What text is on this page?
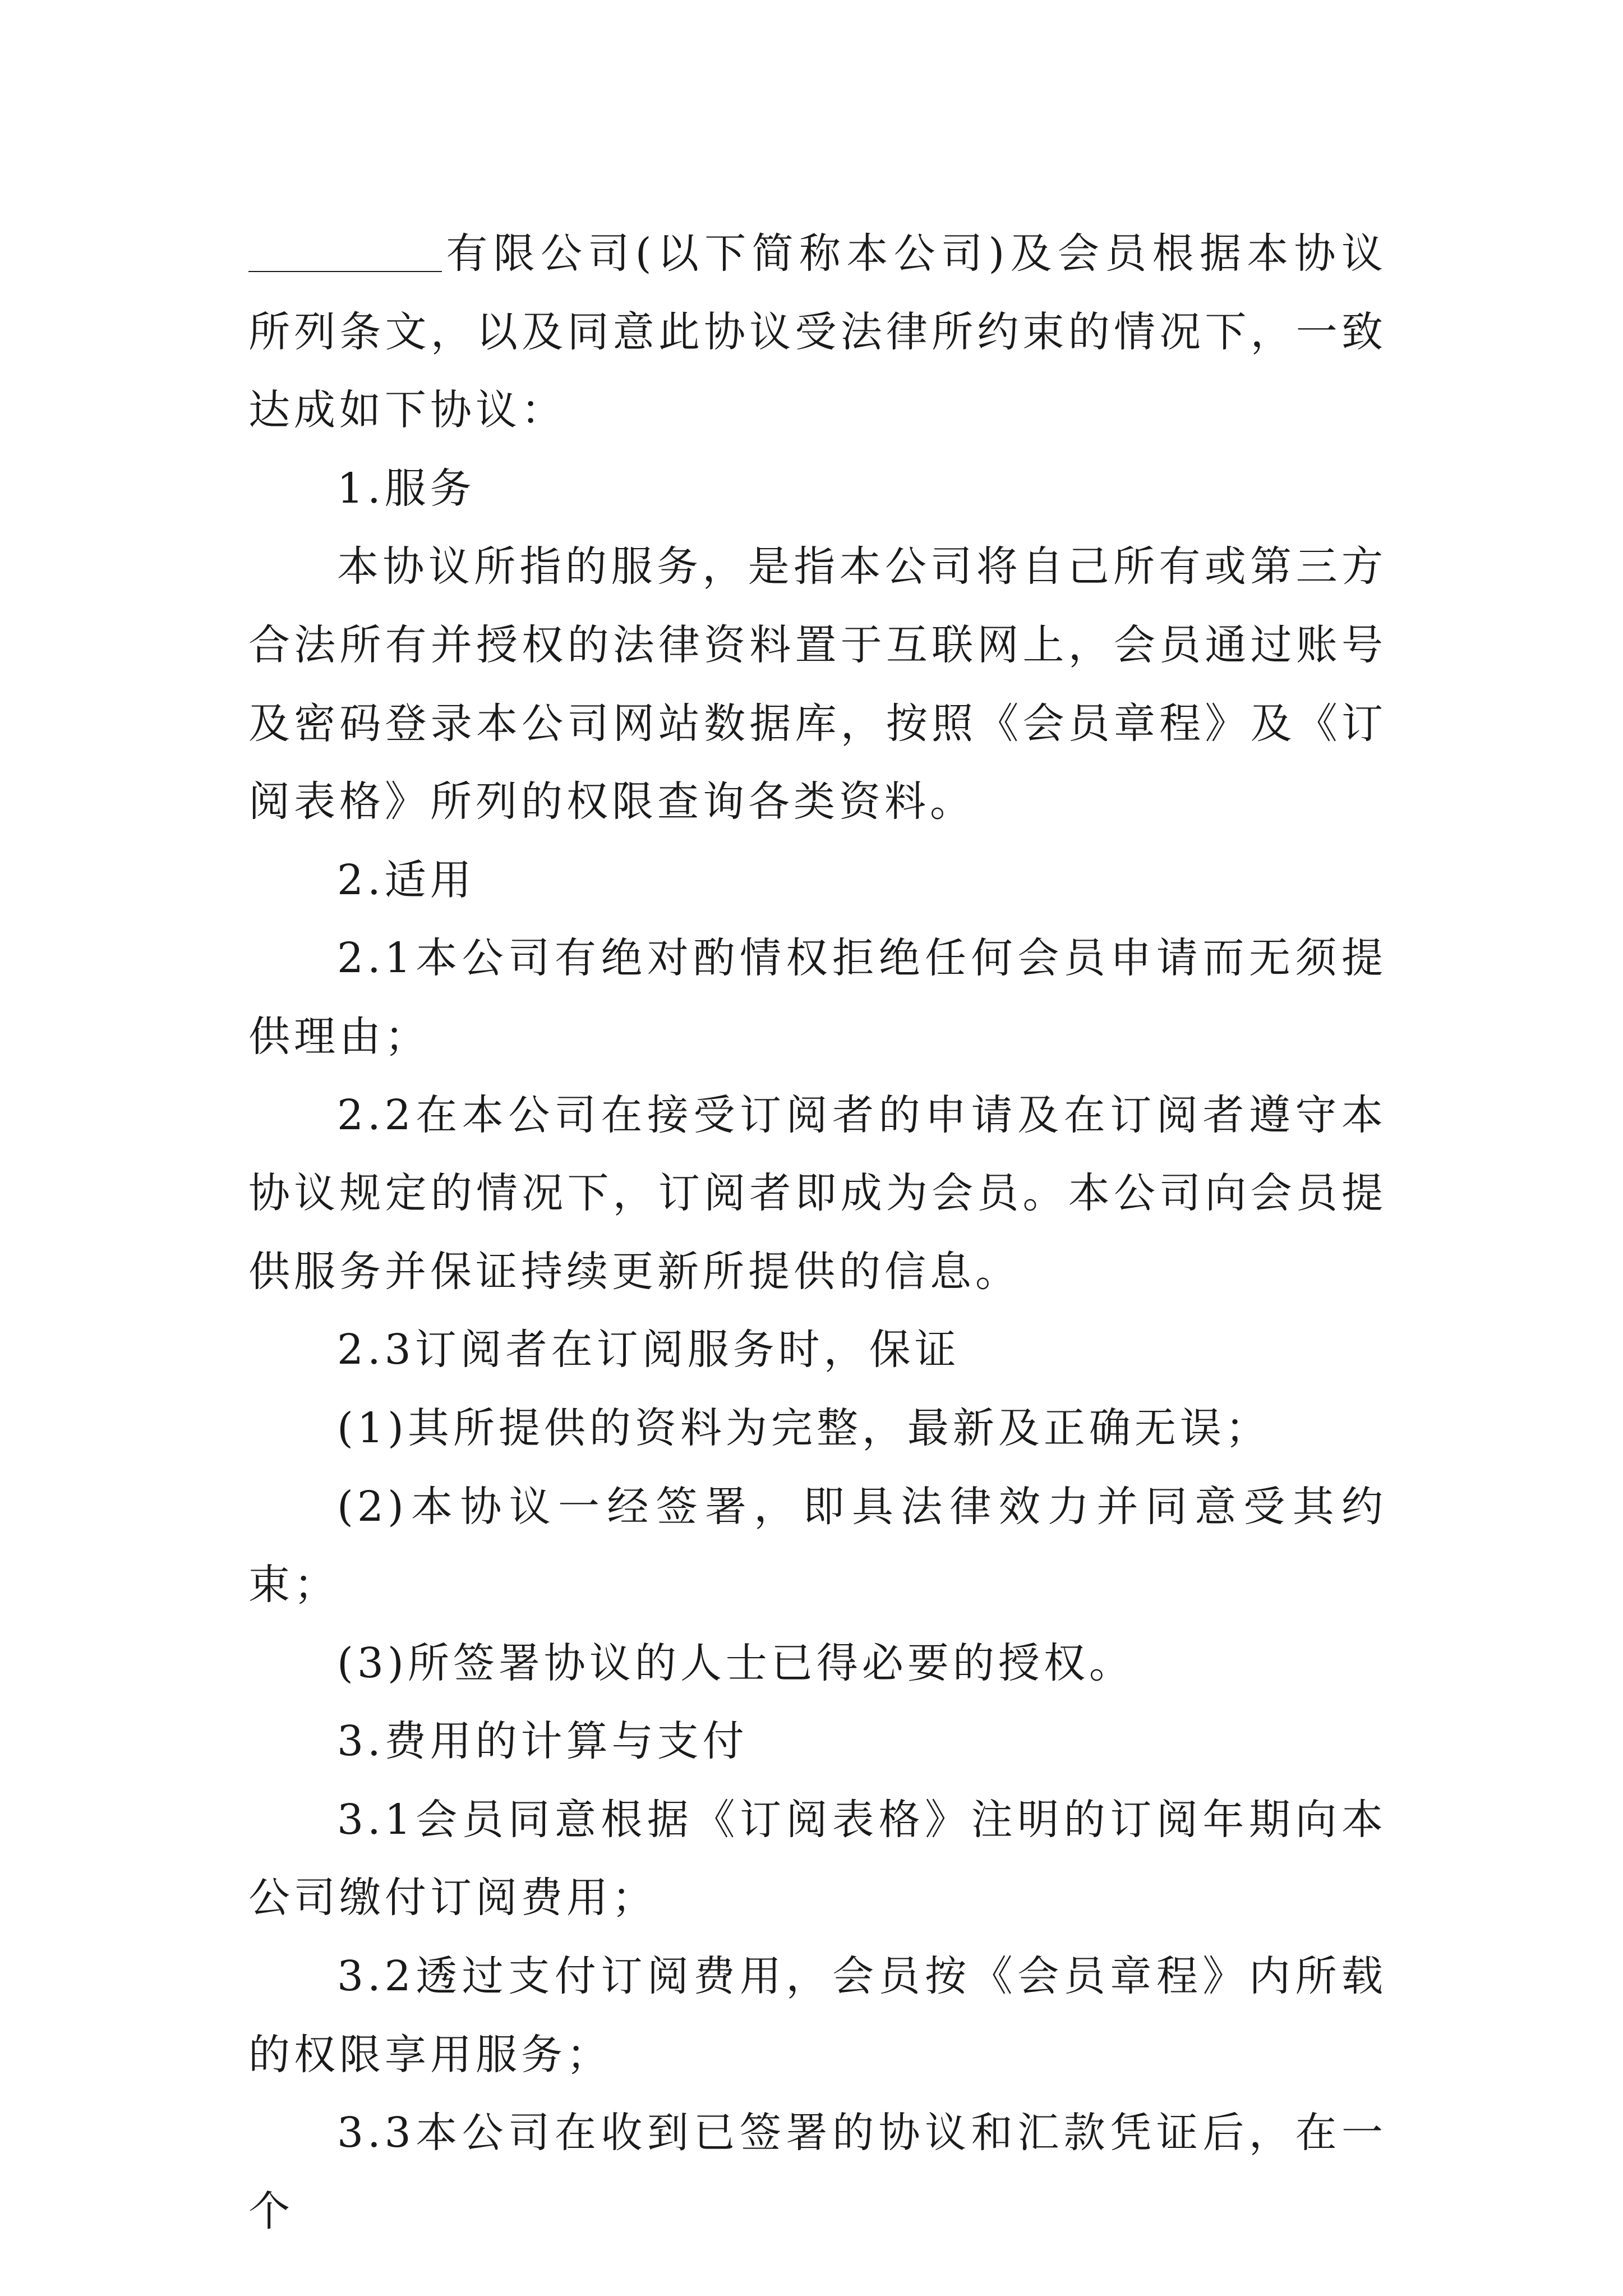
有限公司(以下简称本公司)及会员根据本协议所列条文，以及同意此协议受法律所约束的情况下，一致达成如下协议：

1.服务

本协议所指的服务，是指本公司将自己所有或第三方合法所有并授权的法律资料置于互联网上，会员通过账号及密码登录本公司网站数据库，按照《会员章程》及《订阅表格》所列的权限查询各类资料。

2.适用

2.1本公司有绝对酌情权拒绝任何会员申请而无须提供理由；

2.2在本公司在接受订阅者的申请及在订阅者遵守本协议规定的情况下，订阅者即成为会员。本公司向会员提供服务并保证持续更新所提供的信息。

2.3订阅者在订阅服务时，保证

(1)其所提供的资料为完整，最新及正确无误；

(2)本协议一经签署，即具法律效力并同意受其约束；

(3)所签署协议的人士已得必要的授权。

3.费用的计算与支付

3.1会员同意根据《订阅表格》注明的订阅年期向本公司缴付订阅费用；

3.2透过支付订阅费用，会员按《会员章程》内所载的权限享用服务；

3.3本公司在收到已签署的协议和汇款凭证后，在一个
